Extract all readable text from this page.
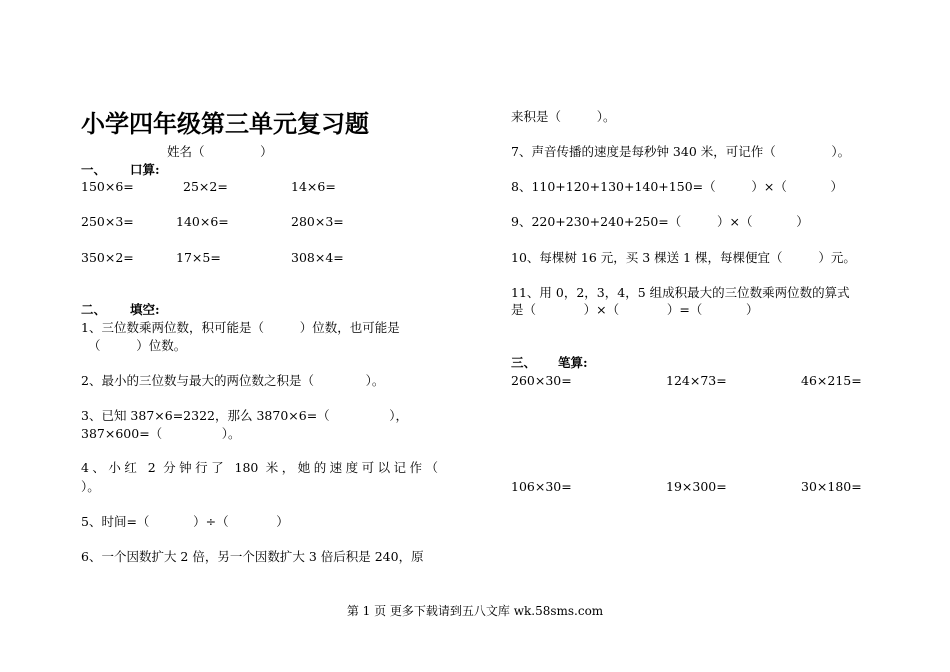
小学四年级第三单元复习题
姓名（              ）
一、 口算:
150×6=	25×2=	14×6=
250×3=	140×6=	280×3=
350×2=	17×5=	308×4=
二、 填空:
1、三位数乘两位数，积可能是（         ）位数，也可能是
（         ）位数。
2、最小的三位数与最大的两位数之积是（             ）。
3、已知 387×6=2322，那么 3870×6=（               ），
387×600=（               ）。
4、小红 2 分钟行了 180 米，她的速度可以记作（
）。
5、时间=（           ）÷（            ）
6、一个因数扩大 2 倍，另一个因数扩大 3 倍后积是 240，原
来积是（         ）。
7、声音传播的速度是每秒钟 340 米，可记作（              ）。
8、110+120+130+140+150=（         ）×（           ）
9、220+230+240+250=（         ）×（           ）
10、每棵树 16 元，买 3 棵送 1 棵，每棵便宜（         ）元。
11、用 0，2，3，4，5 组成积最大的三位数乘两位数的算式
是（            ）×（            ）=（           ）
三、 笔算:
260×30=	124×73=	46×215=
106×30=	19×300=	30×180=
第 1 页 更多下载请到五八文库 wk.58sms.com
